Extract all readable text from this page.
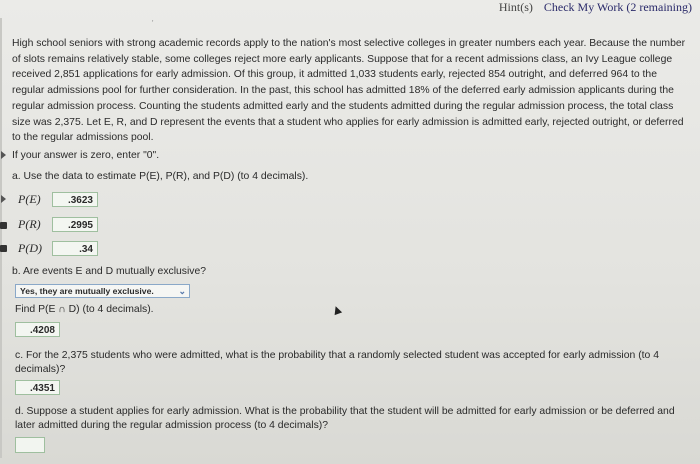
Hint(s) Check My Work (2 remaining)
′
High school seniors with strong academic records apply to the nation's most selective colleges in greater numbers each year. Because the number of slots remains relatively stable, some colleges reject more early applicants. Suppose that for a recent admissions class, an Ivy League college received 2,851 applications for early admission. Of this group, it admitted 1,033 students early, rejected 854 outright, and deferred 964 to the regular admissions pool for further consideration. In the past, this school has admitted 18% of the deferred early admission applicants during the regular admission process. Counting the students admitted early and the students admitted during the regular admission process, the total class size was 2,375. Let E, R, and D represent the events that a student who applies for early admission is admitted early, rejected outright, or deferred to the regular admissions pool.
If your answer is zero, enter "0".
a. Use the data to estimate P(E), P(R), and P(D) (to 4 decimals).
P(E)	.3623
P(R)	.2995
P(D)	.34
b. Are events E and D mutually exclusive?
Yes, they are mutually exclusive.	⌄
Find P(E ∩ D) (to 4 decimals).
.4208
c. For the 2,375 students who were admitted, what is the probability that a randomly selected student was accepted for early admission (to 4 decimals)?
.4351
d. Suppose a student applies for early admission. What is the probability that the student will be admitted for early admission or be deferred and later admitted during the regular admission process (to 4 decimals)?
